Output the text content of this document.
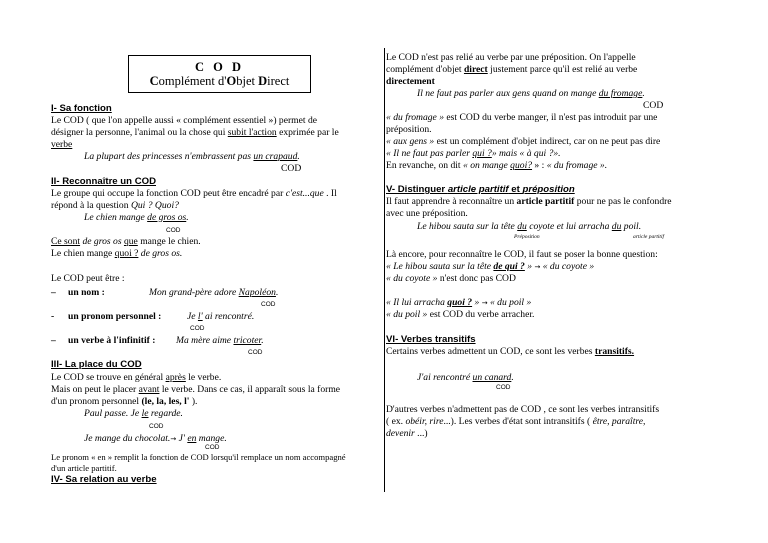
C O D
Complément d'Objet Direct
I- Sa fonction
Le COD ( que l'on appelle aussi « complément essentiel ») permet de
désigner la personne, l'animal ou la chose qui subit l'action exprimée par le
verbe
La plupart des princesses n'embrassent pas un crapaud.
COD
II- Reconnaître un COD
Le groupe qui occupe la fonction COD peut être encadré par c'est...que . Il
répond à la question Qui ? Quoi?
Le chien mange de gros os.
COD
Ce sont de gros os que mange le chien.
Le chien mange quoi ? de gros os.
Le COD peut être :
– un nom :	Mon grand-père adore Napoléon.
COD
- un pronom personnel :	Je l' ai rencontré.
COD
– un verbe à l'infinitif : Ma mère aime tricoter.
COD
III- La place du COD
Le COD se trouve en général après le verbe.
Mais on peut le placer avant le verbe. Dans ce cas, il apparaît sous la forme
d'un pronom personnel (le, la, les, l' ).
Paul passe. Je le regarde.
COD
Je mange du chocolat.→ J' en mange.
COD
Le pronom « en » remplit la fonction de COD lorsqu'il remplace un nom accompagné
d'un article partitif.
IV- Sa relation au verbe
Le COD n'est pas relié au verbe par une préposition. On l'appelle
complément d'objet direct justement parce qu'il est relié au verbe
directement
Il ne faut pas parler aux gens quand on mange du fromage.
COD
« du fromage » est COD du verbe manger, il n'est pas introduit par une
préposition.
« aux gens » est un complément d'objet indirect, car on ne peut pas dire
« Il ne faut pas parler qui ?» mais « à qui ?».
En revanche, on dit « on mange quoi? » : « du fromage ».
V- Distinguer article partitif et préposition
Il faut apprendre à reconnaître un article partitif pour ne pas le confondre
avec une préposition.
Le hibou sauta sur la tête du coyote et lui arracha du poil.
Préposition	article partitif
Là encore, pour reconnaître le COD, il faut se poser la bonne question:
« Le hibou sauta sur la tête de qui ? » → « du coyote »
« du coyote » n'est donc pas COD
« Il lui arracha quoi ? » → « du poil »
« du poil » est COD du verbe arracher.
VI- Verbes transitifs
Certains verbes admettent un COD, ce sont les verbes transitifs.
J'ai rencontré un canard.
COD
D'autres verbes n'admettent pas de COD , ce sont les verbes intransitifs
( ex. obéir, rire...). Les verbes d'état sont intransitifs ( être, paraître,
devenir ...)
